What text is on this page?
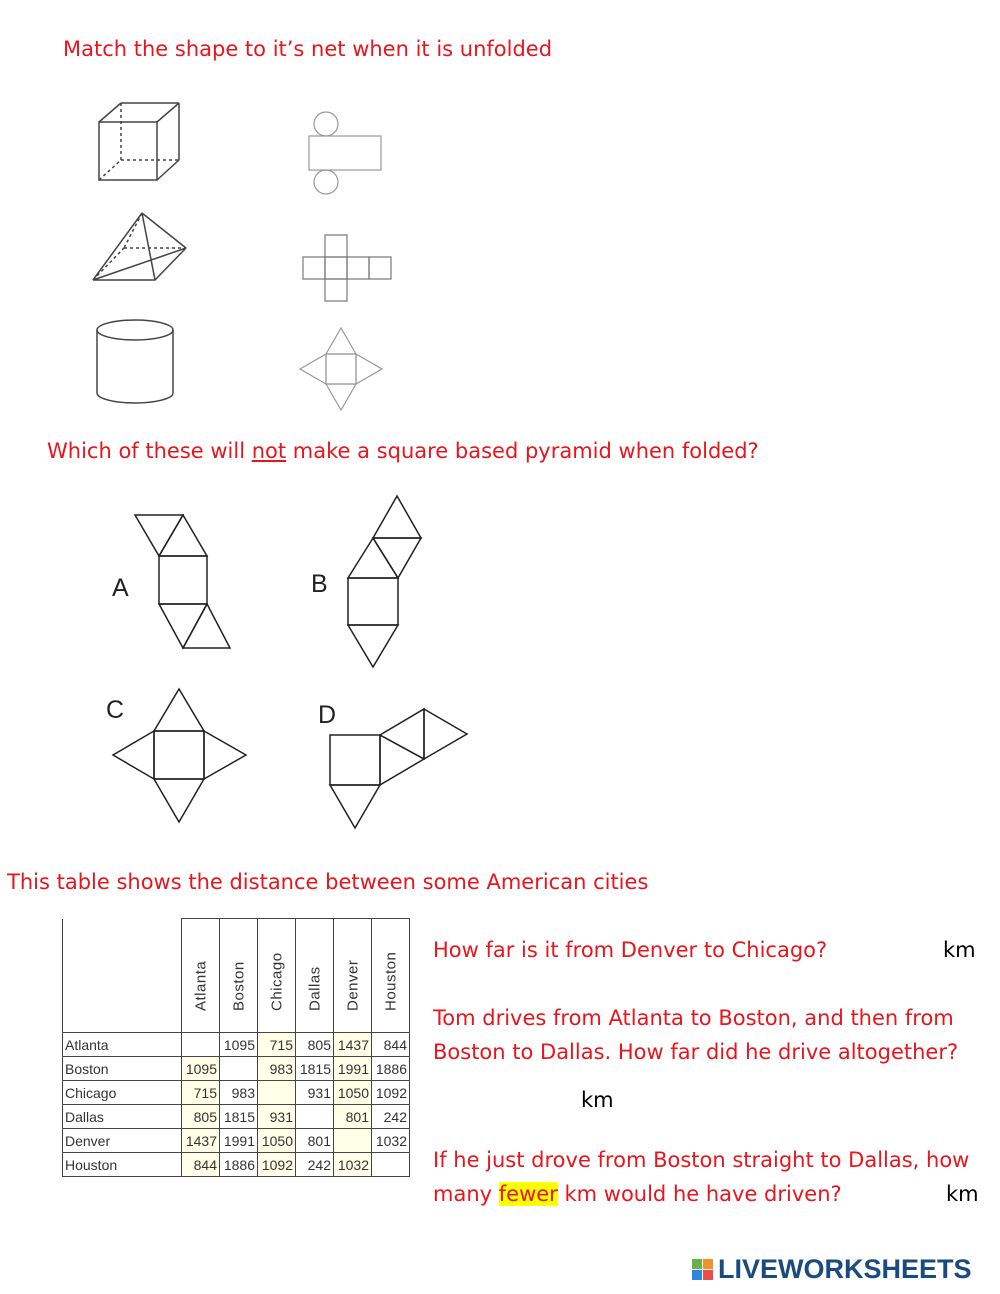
Match the shape to it’s net when it is unfolded
Which of these will not make a square based pyramid when folded?
A	B
C	D
This table shows the distance between some American cities

	Atlanta	Boston	Chicago	Dallas	Denver	Houston

Atlanta		1095	715	805	1437	844
Boston	1095		983	1815	1991	1886
Chicago	715	983		931	1050	1092
Dallas	805	1815	931		801	242
Denver	1437	1991	1050	801		1032
Houston	844	1886	1092	242	1032	
How far is it from Denver to Chicago?	km
Tom drives from Atlanta to Boston, and then from
Boston to Dallas. How far did he drive altogether?
km
If he just drove from Boston straight to Dallas, how
many fewer km would he have driven?	km
LIVEWORKSHEETS
